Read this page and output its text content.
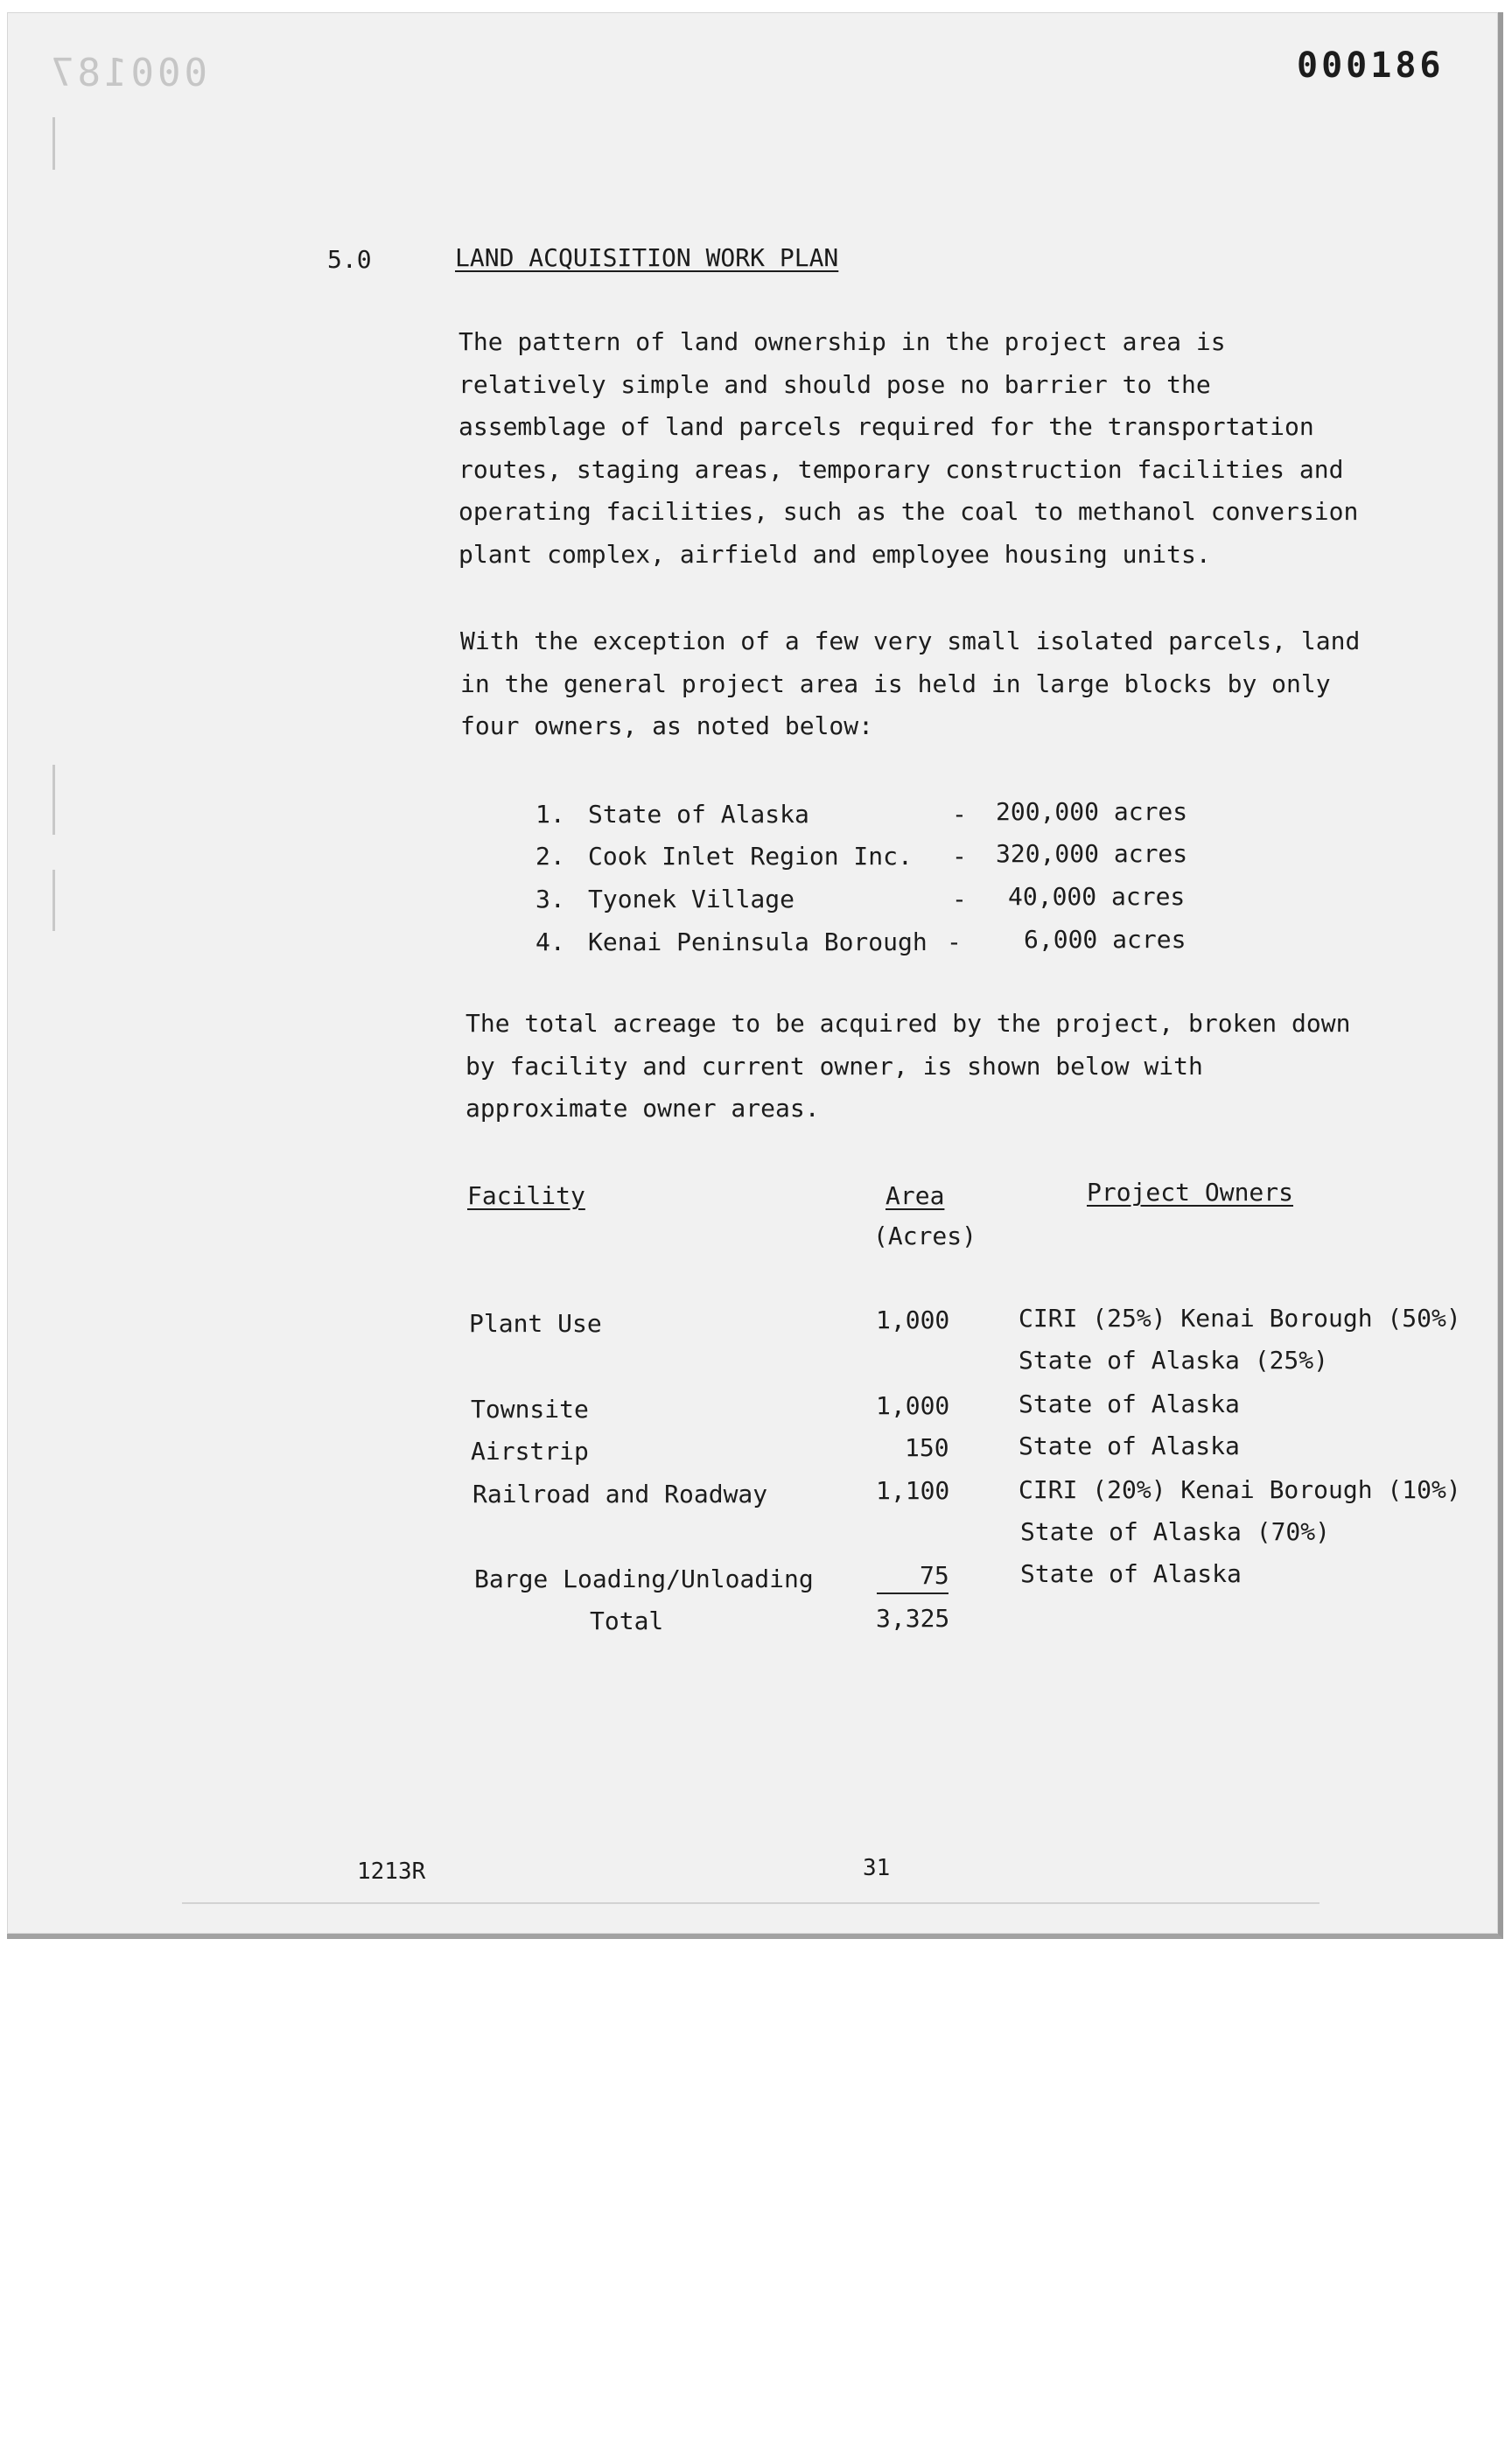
000187	000186
5.0	LAND ACQUISITION WORK PLAN
The pattern of land ownership in the project area is relatively simple and should pose no barrier to the assemblage of land parcels required for the transportation routes, staging areas, temporary construction facilities and operating facilities, such as the coal to methanol conversion plant complex, airfield and employee housing units.
With the exception of a few very small isolated parcels, land in the general project area is held in large blocks by only four owners, as noted below:
1. State of Alaska	- 200,000 acres
2. Cook Inlet Region Inc. - 320,000 acres
3. Tyonek Village	- 40,000 acres
4. Kenai Peninsula Borough -	6,000 acres
The total acreage to be acquired by the project, broken down by facility and current owner, is shown below with approximate owner areas.
Facility	Area
(Acres)
Project Owners
Plant Use	1,000	CIRI (25%) Kenai Borough (50%)
State of Alaska (25%)
Townsite	1,000	State of Alaska
Airstrip	150	State of Alaska
Railroad and Roadway	1,100	CIRI (20%) Kenai Borough (10%)
State of Alaska (70%)
Barge Loading/Unloading	75	State of Alaska
Total	3,325
1213R	31
